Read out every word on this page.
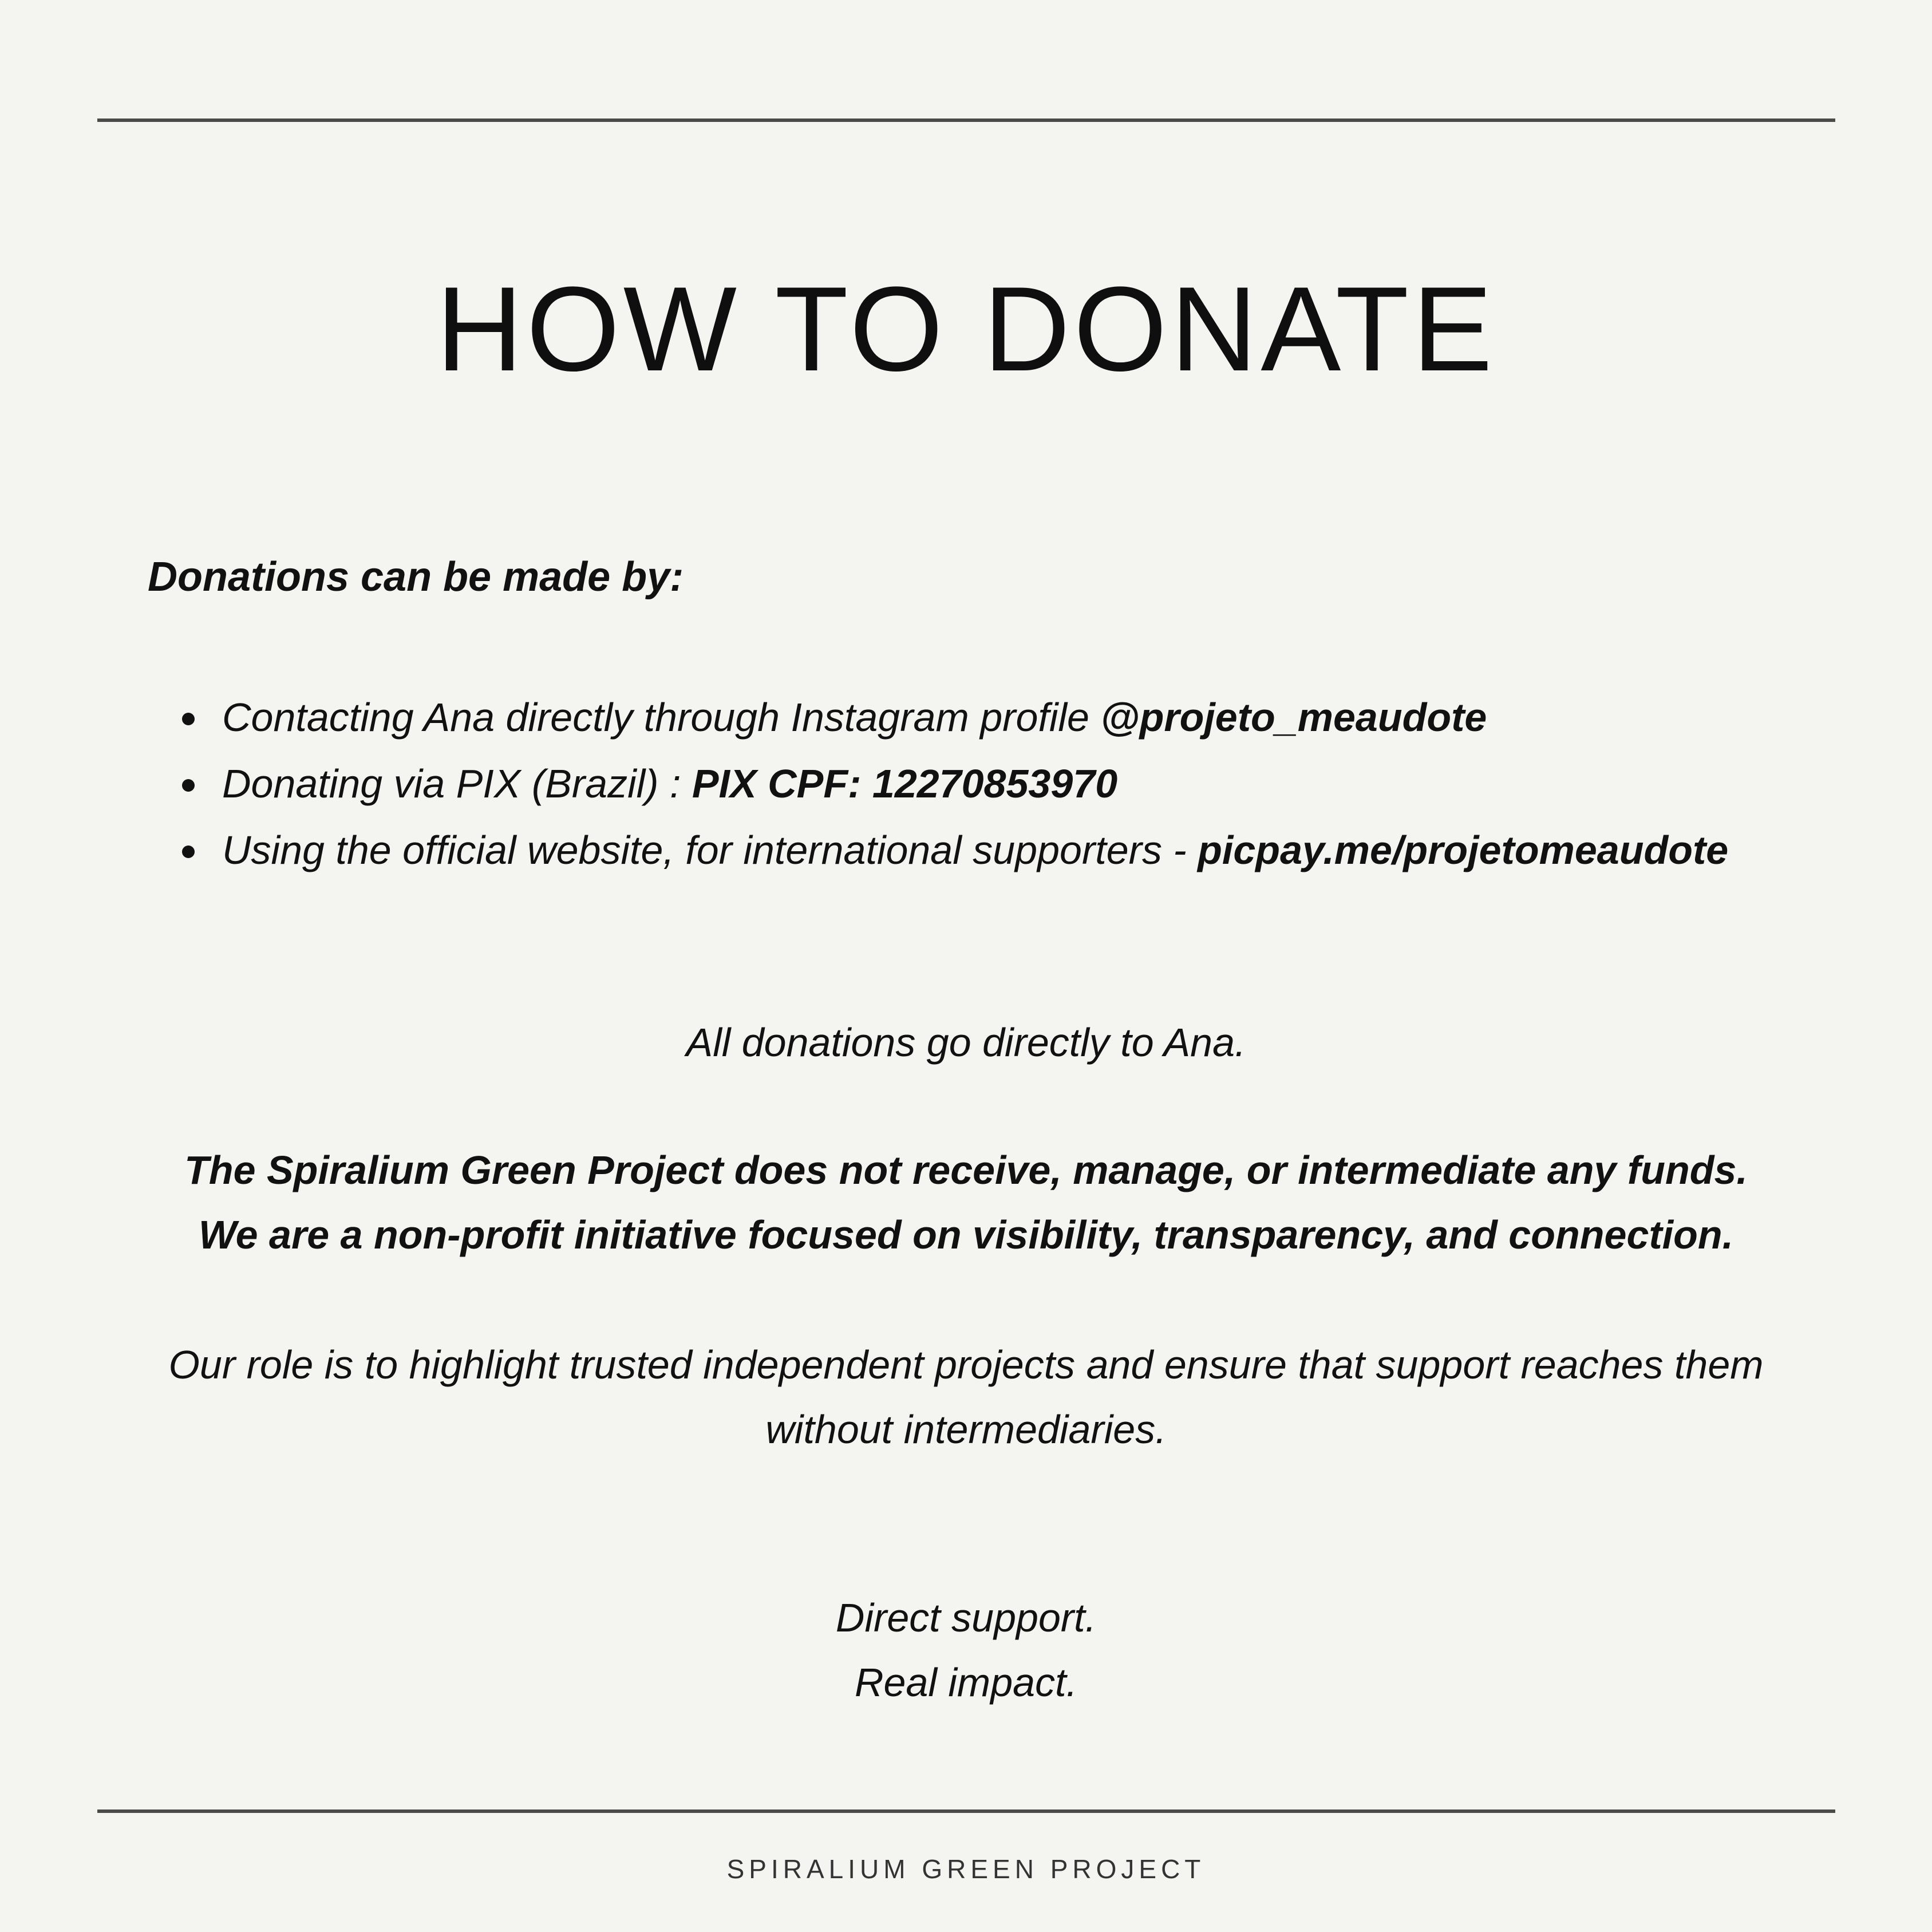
HOW TO DONATE
Donations can be made by:
Contacting Ana directly through Instagram profile @projeto_meaudote
Donating via PIX (Brazil) : PIX CPF: 12270853970
Using the official website, for international supporters - picpay.me/projetomeaudote
All donations go directly to Ana.
The Spiralium Green Project does not receive, manage, or intermediate any funds.
We are a non-profit initiative focused on visibility, transparency, and connection.
Our role is to highlight trusted independent projects and ensure that support reaches them
without intermediaries.
Direct support.
Real impact.
SPIRALIUM GREEN PROJECT
